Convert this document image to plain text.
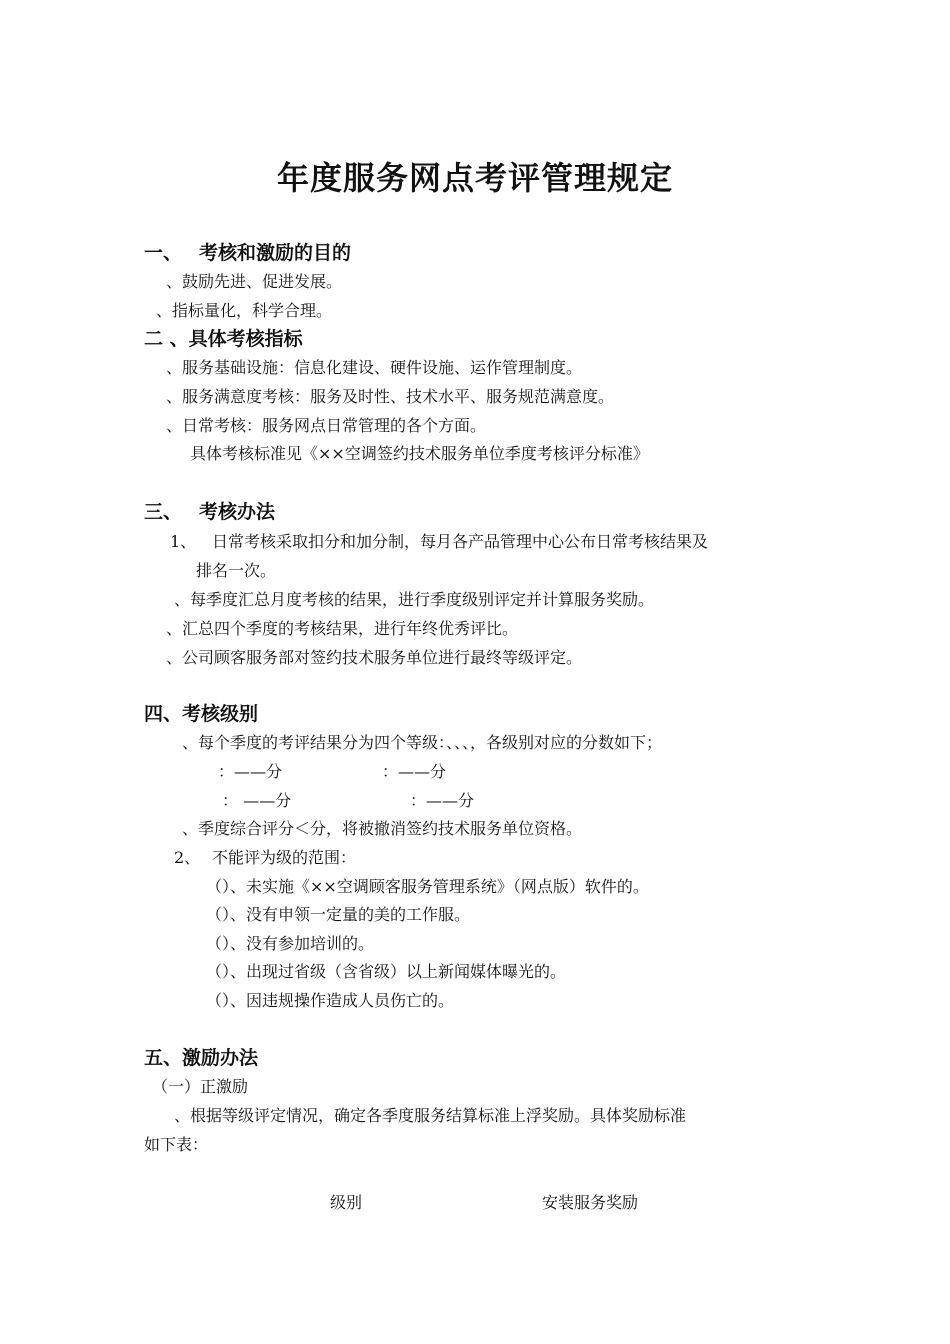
年度服务网点考评管理规定
一、 考核和激励的目的
、鼓励先进、促进发展。
、指标量化，科学合理。
二 、具体考核指标
、服务基础设施：信息化建设、硬件设施、运作管理制度。
、服务满意度考核：服务及时性、技术水平、服务规范满意度。
、日常考核：服务网点日常管理的各个方面。
具体考核标准见《××空调签约技术服务单位季度考核评分标准》
三、 考核办法
1、 日常考核采取扣分和加分制，每月各产品管理中心公布日常考核结果及
排名一次。
、每季度汇总月度考核的结果，进行季度级别评定并计算服务奖励。
、汇总四个季度的考核结果，进行年终优秀评比。
、公司顾客服务部对签约技术服务单位进行最终等级评定。
四、考核级别
、每个季度的考评结果分为四个等级：、、、，各级别对应的分数如下；
：——分	：——分
： ——分	：——分
、季度综合评分＜分，将被撤消签约技术服务单位资格。
2、 不能评为级的范围：
（）、未实施《××空调顾客服务管理系统》（网点版）软件的。
（）、没有申领一定量的美的工作服。
（）、没有参加培训的。
（）、出现过省级（含省级）以上新闻媒体曝光的。
（）、因违规操作造成人员伤亡的。
五、激励办法
（一）正激励
、根据等级评定情况，确定各季度服务结算标准上浮奖励。具体奖励标准
如下表：
级别	安装服务奖励
